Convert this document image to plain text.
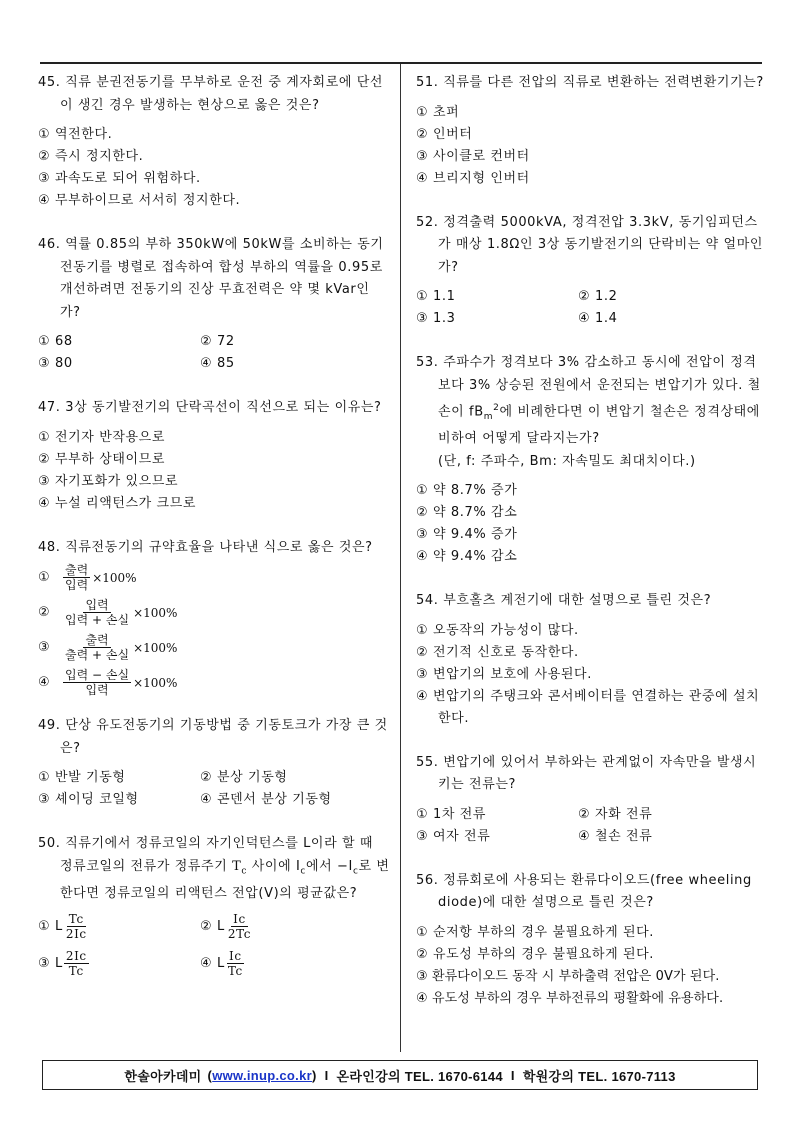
45. 직류 분권전동기를 무부하로 운전 중 계자회로에 단선이 생긴 경우 발생하는 현상으로 옳은 것은?
① 역전한다.
② 즉시 정지한다.
③ 과속도로 되어 위험하다.
④ 무부하이므로 서서히 정지한다.
46. 역률 0.85의 부하 350kW에 50kW를 소비하는 동기전동기를 병렬로 접속하여 합성 부하의 역률을 0.95로 개선하려면 전동기의 진상 무효전력은 약 몇 kVar인가?
① 68	② 72
③ 80	④ 85
47. 3상 동기발전기의 단락곡선이 직선으로 되는 이유는?
① 전기자 반작용으로
② 무부하 상태이므로
③ 자기포화가 있으므로
④ 누설 리액턴스가 크므로
48. 직류전동기의 규약효율을 나타낸 식으로 옳은 것은?
①	$\frac{\text{출력}}{\text{입력}} \times 100\%$
②	$\frac{\text{입력}}{\text{입력 + 손실}} \times 100\%$
③	$\frac{\text{출력}}{\text{출력 + 손실}} \times 100\%$
④	$\frac{\text{입력 − 손실}}{\text{입력}} \times 100\%$
49. 단상 유도전동기의 기동방법 중 기동토크가 가장 큰 것은?
① 반발 기동형	② 분상 기동형
③ 셰이딩 코일형	④ 콘덴서 분상 기동형
50. 직류기에서 정류코일의 자기인덕턴스를 L이라 할 때 정류코일의 전류가 정류주기 $T_c$ 사이에 $I_c$에서 $-I_c$로 변한다면 정류코일의 리액턴스 전압(V)의 평균값은?
① L $\frac{Tc}{2Ic}$	② L $\frac{Ic}{2Tc}$
③ L $\frac{2Ic}{Tc}$	④ L $\frac{Ic}{Tc}$
51. 직류를 다른 전압의 직류로 변환하는 전력변환기기는?
① 초퍼
② 인버터
③ 사이클로 컨버터
④ 브리지형 인버터
52. 정격출력 5000kVA, 정격전압 3.3kV, 동기임피던스가 매상 1.8Ω인 3상 동기발전기의 단락비는 약 얼마인가?
① 1.1	② 1.2
③ 1.3	④ 1.4
53. 주파수가 정격보다 3% 감소하고 동시에 전압이 정격보다 3% 상승된 전원에서 운전되는 변압기가 있다. 철손이 $fB_m^2$에 비례한다면 이 변압기 철손은 정격상태에 비하여 어떻게 달라지는가?
(단, f: 주파수, Bm: 자속밀도 최대치이다.)
① 약 8.7% 증가
② 약 8.7% 감소
③ 약 9.4% 증가
④ 약 9.4% 감소
54. 부흐홀츠 계전기에 대한 설명으로 틀린 것은?
① 오동작의 가능성이 많다.
② 전기적 신호로 동작한다.
③ 변압기의 보호에 사용된다.
④ 변압기의 주탱크와 콘서베이터를 연결하는 관중에 설치한다.
55. 변압기에 있어서 부하와는 관계없이 자속만을 발생시키는 전류는?
① 1차 전류	② 자화 전류
③ 여자 전류	④ 철손 전류
56. 정류회로에 사용되는 환류다이오드(free wheeling diode)에 대한 설명으로 틀린 것은?
① 순저항 부하의 경우 불필요하게 된다.
② 유도성 부하의 경우 불필요하게 된다.
③ 환류다이오드 동작 시 부하출력 전압은 0V가 된다.
④ 유도성 부하의 경우 부하전류의 평활화에 유용하다.
한솔아카데미 ( www.inup.co.kr ) I 온라인강의 TEL. 1670-6144 I 학원강의 TEL. 1670-7113
